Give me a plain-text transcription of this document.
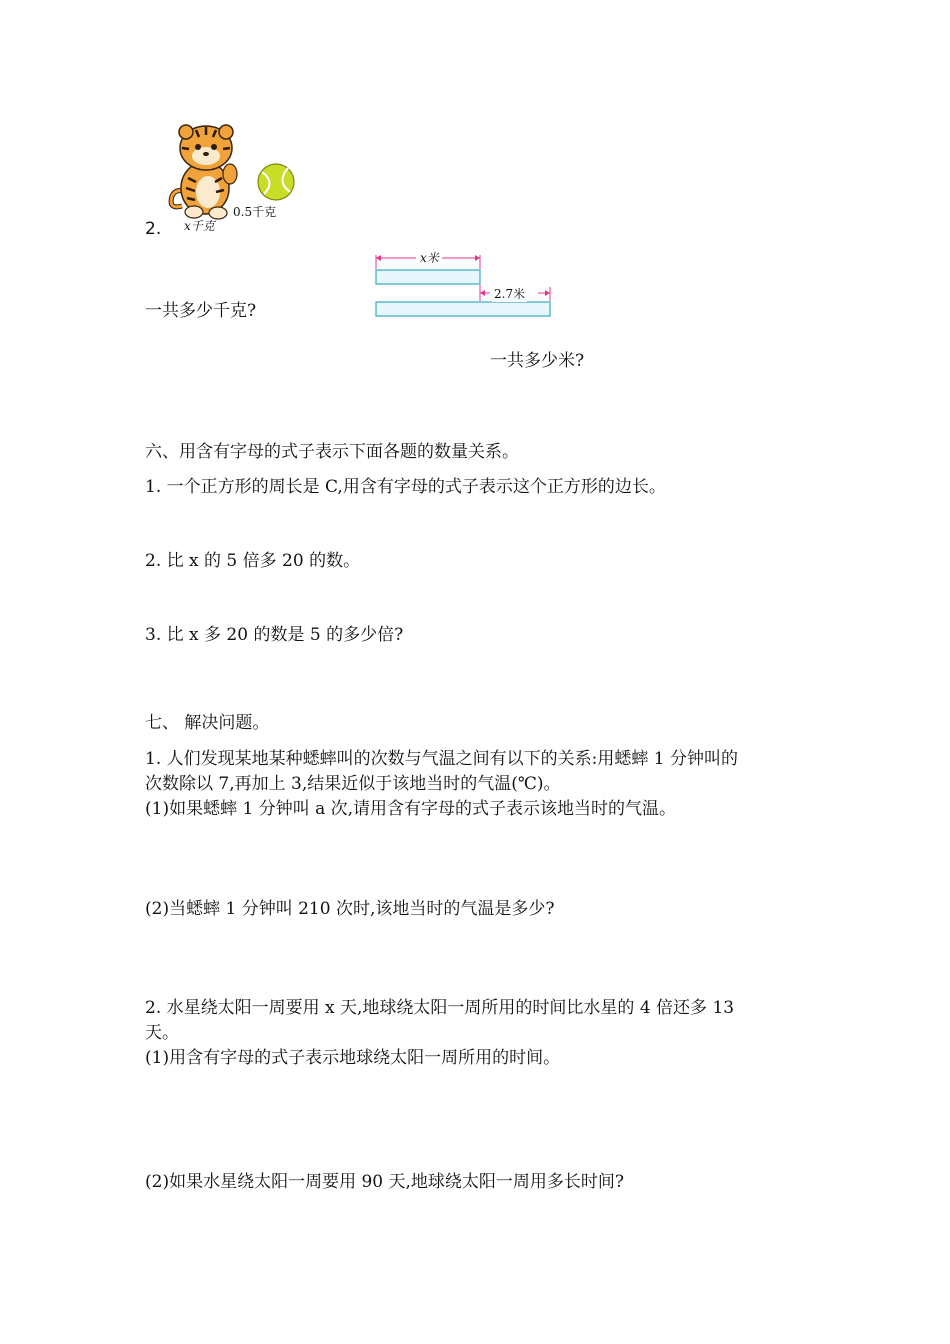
0.5千克
x千克
2.
x米
2.7米
一共多少千克?
一共多少米?
六、用含有字母的式子表示下面各题的数量关系。
1. 一个正方形的周长是 C,用含有字母的式子表示这个正方形的边长。
2. 比 x 的 5 倍多 20 的数。
3. 比 x 多 20 的数是 5 的多少倍?
七、 解决问题。
1. 人们发现某地某种蟋蟀叫的次数与气温之间有以下的关系:用蟋蟀 1 分钟叫的
次数除以 7,再加上 3,结果近似于该地当时的气温(℃)。
(1)如果蟋蟀 1 分钟叫 a 次,请用含有字母的式子表示该地当时的气温。
(2)当蟋蟀 1 分钟叫 210 次时,该地当时的气温是多少?
2. 水星绕太阳一周要用 x 天,地球绕太阳一周所用的时间比水星的 4 倍还多 13
天。
(1)用含有字母的式子表示地球绕太阳一周所用的时间。
(2)如果水星绕太阳一周要用 90 天,地球绕太阳一周用多长时间?
